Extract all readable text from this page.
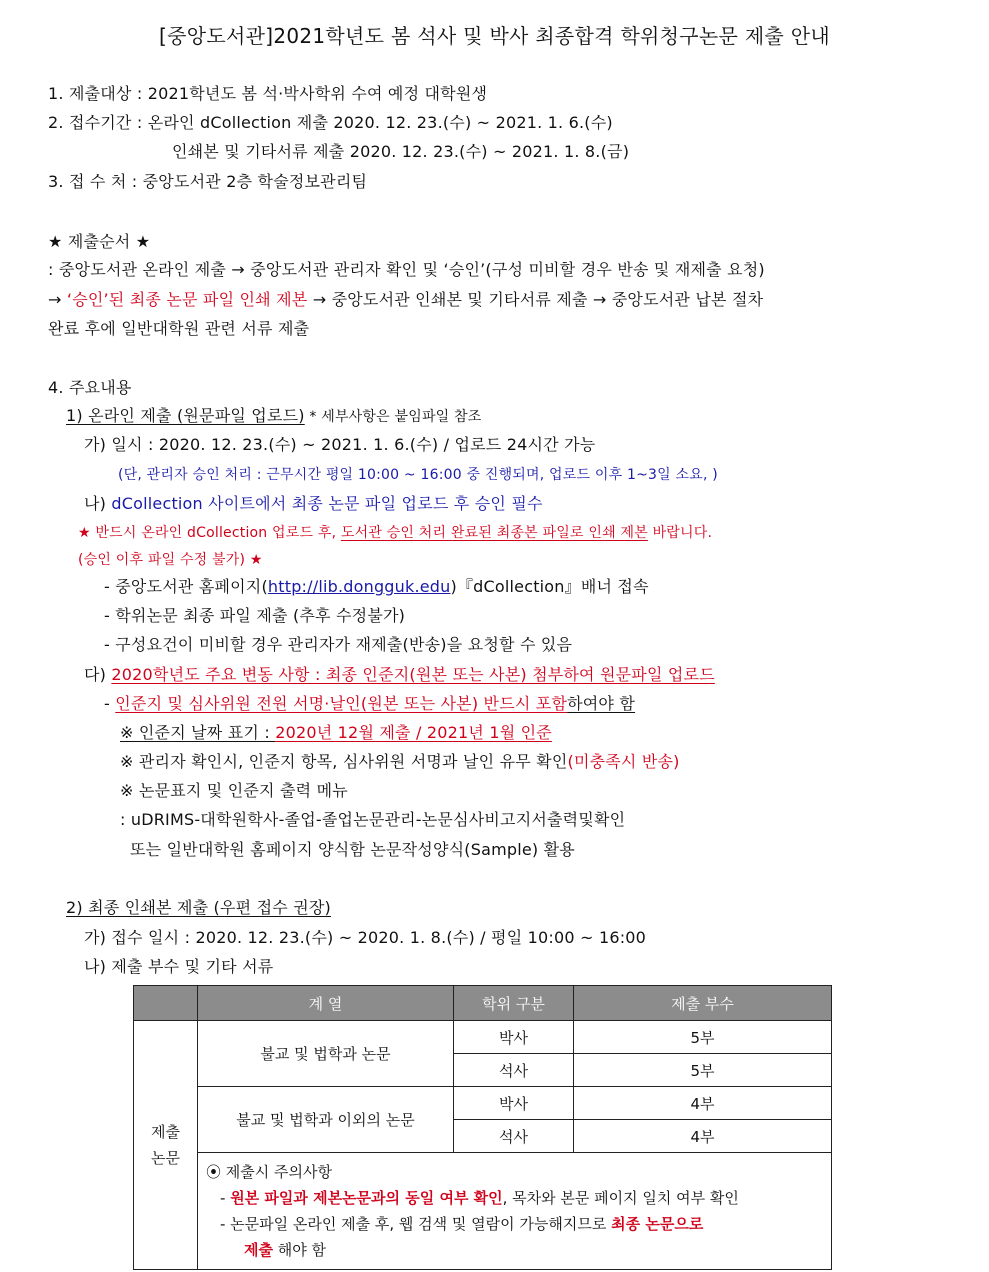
[중앙도서관]2021학년도 봄 석사 및 박사 최종합격 학위청구논문 제출 안내
1. 제출대상 : 2021학년도 봄 석·박사학위 수여 예정 대학원생
2. 접수기간 : 온라인 dCollection 제출 2020. 12. 23.(수) ~ 2021. 1. 6.(수)
인쇄본 및 기타서류 제출 2020. 12. 23.(수) ~ 2021. 1. 8.(금)
3. 접 수 처 : 중앙도서관 2층 학술정보관리팀
★ 제출순서 ★
: 중앙도서관 온라인 제출 → 중앙도서관 관리자 확인 및 ‘승인’(구성 미비할 경우 반송 및 재제출 요청)
→ ‘승인’된 최종 논문 파일 인쇄 제본 → 중앙도서관 인쇄본 및 기타서류 제출 → 중앙도서관 납본 절차
완료 후에 일반대학원 관련 서류 제출
4. 주요내용
1) 온라인 제출 (원문파일 업로드) * 세부사항은 붙임파일 참조
가) 일시 : 2020. 12. 23.(수) ~ 2021. 1. 6.(수) / 업로드 24시간 가능
(단, 관리자 승인 처리 : 근무시간 평일 10:00 ~ 16:00 중 진행되며, 업로드 이후 1~3일 소요, )
나) dCollection 사이트에서 최종 논문 파일 업로드 후 승인 필수
★ 반드시 온라인 dCollection 업로드 후, 도서관 승인 처리 완료된 최종본 파일로 인쇄 제본 바랍니다.
(승인 이후 파일 수정 불가) ★
- 중앙도서관 홈페이지(http://lib.dongguk.edu)『dCollection』배너 접속
- 학위논문 최종 파일 제출 (추후 수정불가)
- 구성요건이 미비할 경우 관리자가 재제출(반송)을 요청할 수 있음
다) 2020학년도 주요 변동 사항 : 최종 인준지(원본 또는 사본) 첨부하여 원문파일 업로드
- 인준지 및 심사위원 전원 서명·날인(원본 또는 사본) 반드시 포함하여야 함
※ 인준지 날짜 표기 : 2020년 12월 제출 / 2021년 1월 인준
※ 관리자 확인시, 인준지 항목, 심사위원 서명과 날인 유무 확인(미충족시 반송)
※ 논문표지 및 인준지 출력 메뉴
: uDRIMS-대학원학사-졸업-졸업논문관리-논문심사비고지서출력및확인
또는 일반대학원 홈페이지 양식함 논문작성양식(Sample) 활용
2) 최종 인쇄본 제출 (우편 접수 권장)
가) 접수 일시 : 2020. 12. 23.(수) ~ 2020. 1. 8.(수) / 평일 10:00 ~ 16:00
나) 제출 부수 및 기타 서류
	계 열	학위 구분	제출 부수

제출
논문	불교 및 법학과 논문	박사	5부
		석사	5부
	불교 및 법학과 이외의 논문	박사	4부
		석사	4부

	⦿ 제출시 주의사항
- 원본 파일과 제본논문과의 동일 여부 확인, 목차와 본문 페이지 일치 여부 확인
- 논문파일 온라인 제출 후, 웹 검색 및 열람이 가능해지므로 최종 논문으로
제출 해야 함		
